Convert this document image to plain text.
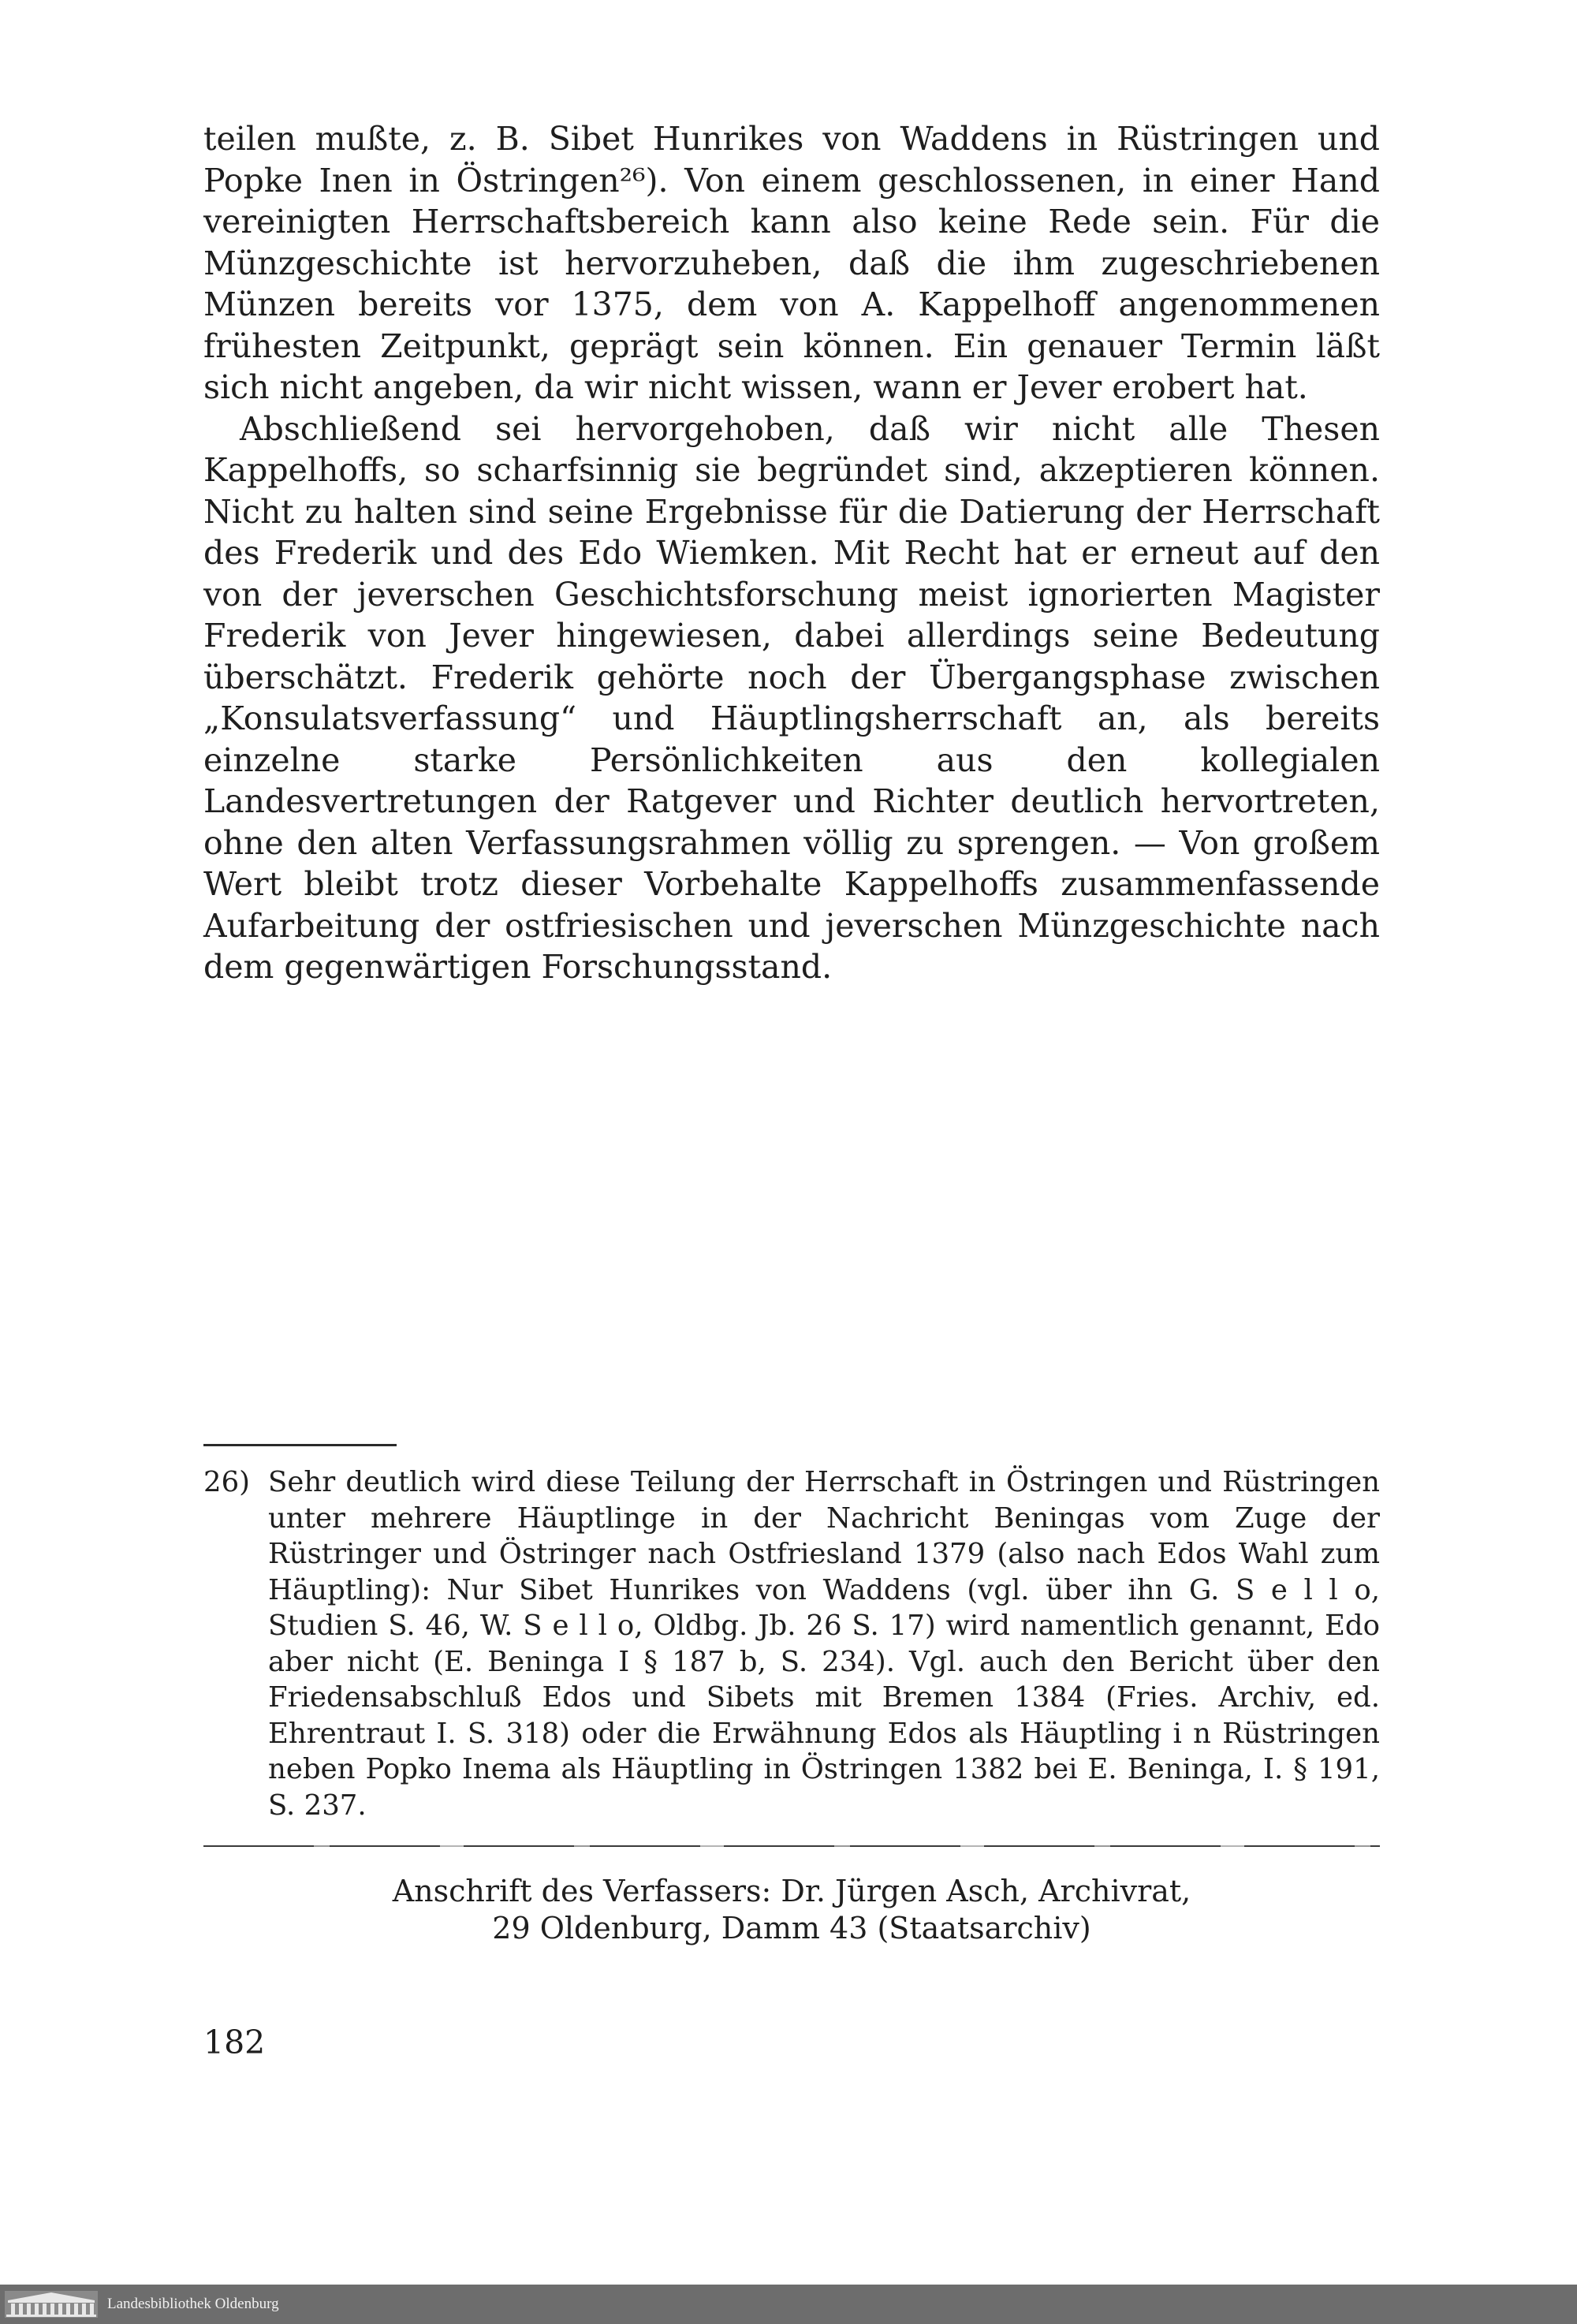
teilen mußte, z. B. Sibet Hunrikes von Waddens in Rüstringen und Popke Inen in Östringen²⁶). Von einem geschlossenen, in einer Hand vereinigten Herrschaftsbereich kann also keine Rede sein. Für die Münzgeschichte ist hervorzuheben, daß die ihm zugeschriebenen Münzen bereits vor 1375, dem von A. Kappelhoff angenommenen frühesten Zeitpunkt, geprägt sein können. Ein genauer Termin läßt sich nicht angeben, da wir nicht wissen, wann er Jever erobert hat.

Abschließend sei hervorgehoben, daß wir nicht alle Thesen Kappelhoffs, so scharfsinnig sie begründet sind, akzeptieren können. Nicht zu halten sind seine Ergebnisse für die Datierung der Herrschaft des Frederik und des Edo Wiemken. Mit Recht hat er erneut auf den von der jeverschen Geschichtsforschung meist ignorierten Magister Frederik von Jever hingewiesen, dabei allerdings seine Bedeutung überschätzt. Frederik gehörte noch der Übergangsphase zwischen „Konsulatsverfassung“ und Häuptlingsherrschaft an, als bereits einzelne starke Persönlichkeiten aus den kollegialen Landesvertretungen der Ratgever und Richter deutlich hervortreten, ohne den alten Verfassungsrahmen völlig zu sprengen. — Von großem Wert bleibt trotz dieser Vorbehalte Kappelhoffs zusammenfassende Aufarbeitung der ostfriesischen und jeverschen Münzgeschichte nach dem gegenwärtigen Forschungsstand.

26) Sehr deutlich wird diese Teilung der Herrschaft in Östringen und Rüstringen unter mehrere Häuptlinge in der Nachricht Beningas vom Zuge der Rüstringer und Östringer nach Ostfriesland 1379 (also nach Edos Wahl zum Häuptling): Nur Sibet Hunrikes von Waddens (vgl. über ihn G. S e l l o, Studien S. 46, W. S e l l o, Oldbg. Jb. 26 S. 17) wird namentlich genannt, Edo aber nicht (E. Beninga I § 187 b, S. 234). Vgl. auch den Bericht über den Friedensabschluß Edos und Sibets mit Bremen 1384 (Fries. Archiv, ed. Ehrentraut I. S. 318) oder die Erwähnung Edos als Häuptling i n Rüstringen neben Popko Inema als Häuptling in Östringen 1382 bei E. Beninga, I. § 191, S. 237.
Anschrift des Verfassers: Dr. Jürgen Asch, Archivrat,
29 Oldenburg, Damm 43 (Staatsarchiv)
182
Landesbibliothek Oldenburg
